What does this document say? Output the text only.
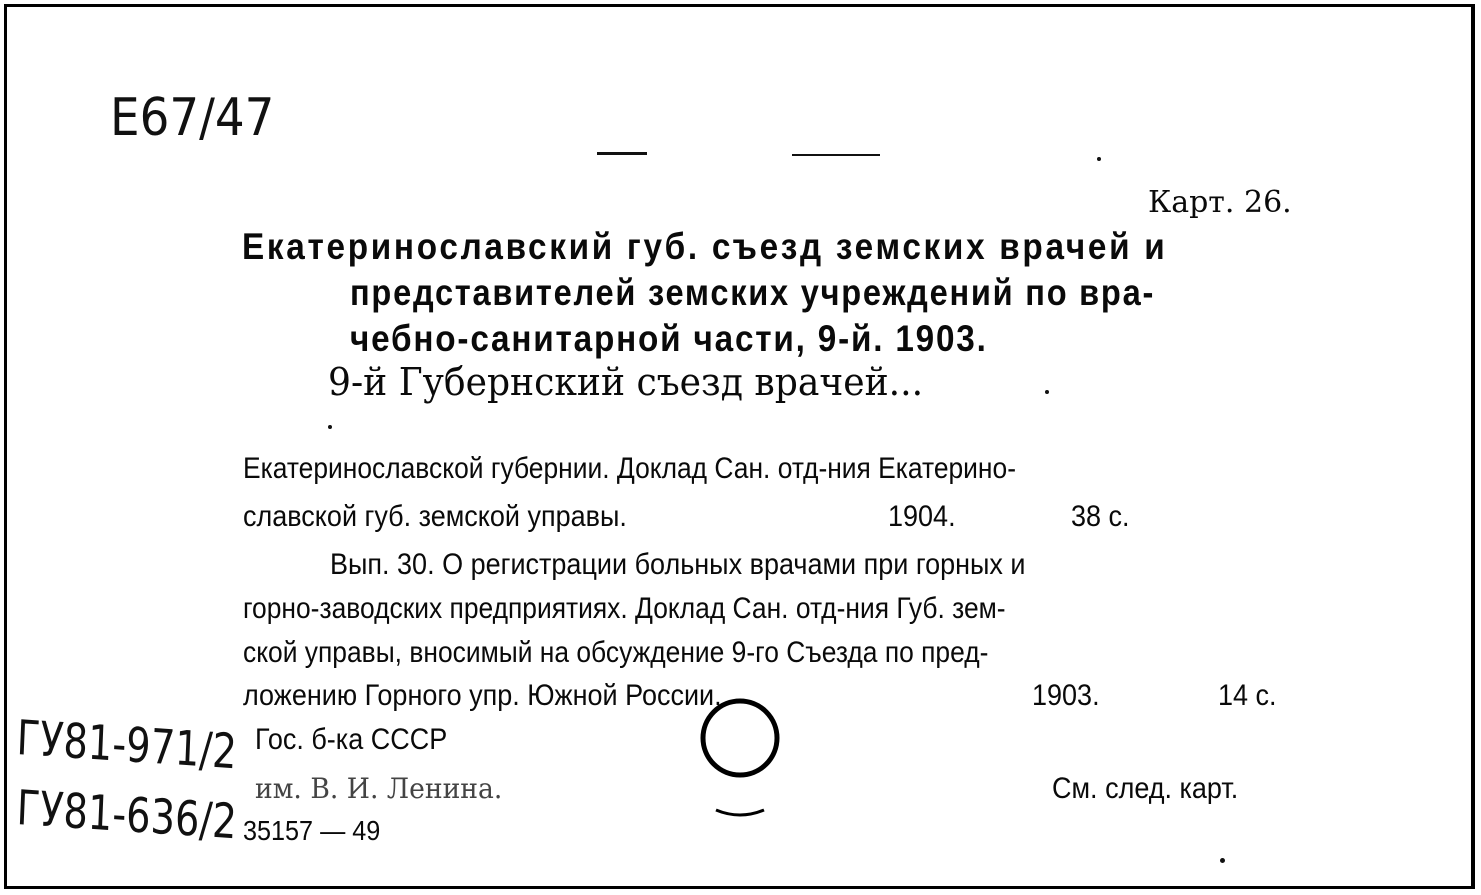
E67/47
Карт. 26.
Екатеринославский губ. съезд земских врачей и
представителей земских учреждений по вра-
чебно-санитарной части, 9-й. 1903.
9-й Губернский съезд врачей...
Екатеринославской губернии. Доклад Сан. отд-ния Екатерино-
славской губ. земской управы.	1904.	38 с.
Вып. 30. О регистрации больных врачами при горных и
горно-заводских предприятиях. Доклад Сан. отд-ния Губ. зем-
ской управы, вносимый на обсуждение 9-го Съезда по пред-
ложению Горного упр. Южной России.	1903.	14 с.
Гос. б-ка СССР
им. В. И. Ленина.
35157 — 49
См. след. карт.
ГУ81-971/2
ГУ81-636/2
